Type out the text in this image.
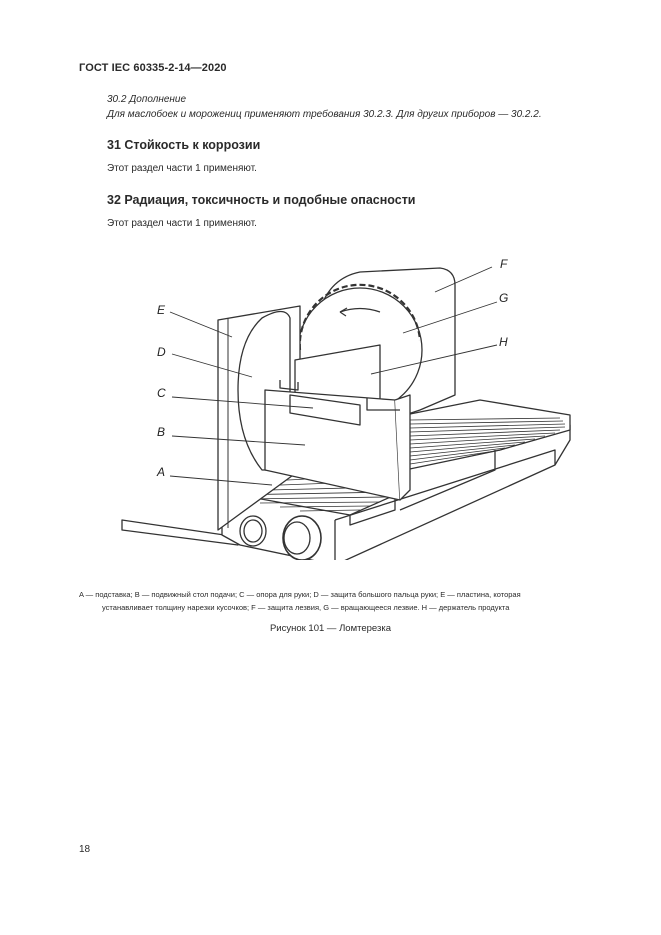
ГОСТ IEC 60335-2-14—2020
30.2 Дополнение
Для маслобоек и морожениц применяют требования 30.2.3. Для других приборов — 30.2.2.
31 Стойкость к коррозии
Этот раздел части 1 применяют.
32 Радиация, токсичность и подобные опасности
Этот раздел части 1 применяют.
E
D
C
B
A
F
G
H
A — подставка; B — подвижный стол подачи; C — опора для руки; D — защита большого пальца руки; E — пластина, которая
устанавливает толщину нарезки кусочков; F — защита лезвия, G — вращающееся лезвие. H — держатель продукта
Рисунок 101 — Ломтерезка
18
